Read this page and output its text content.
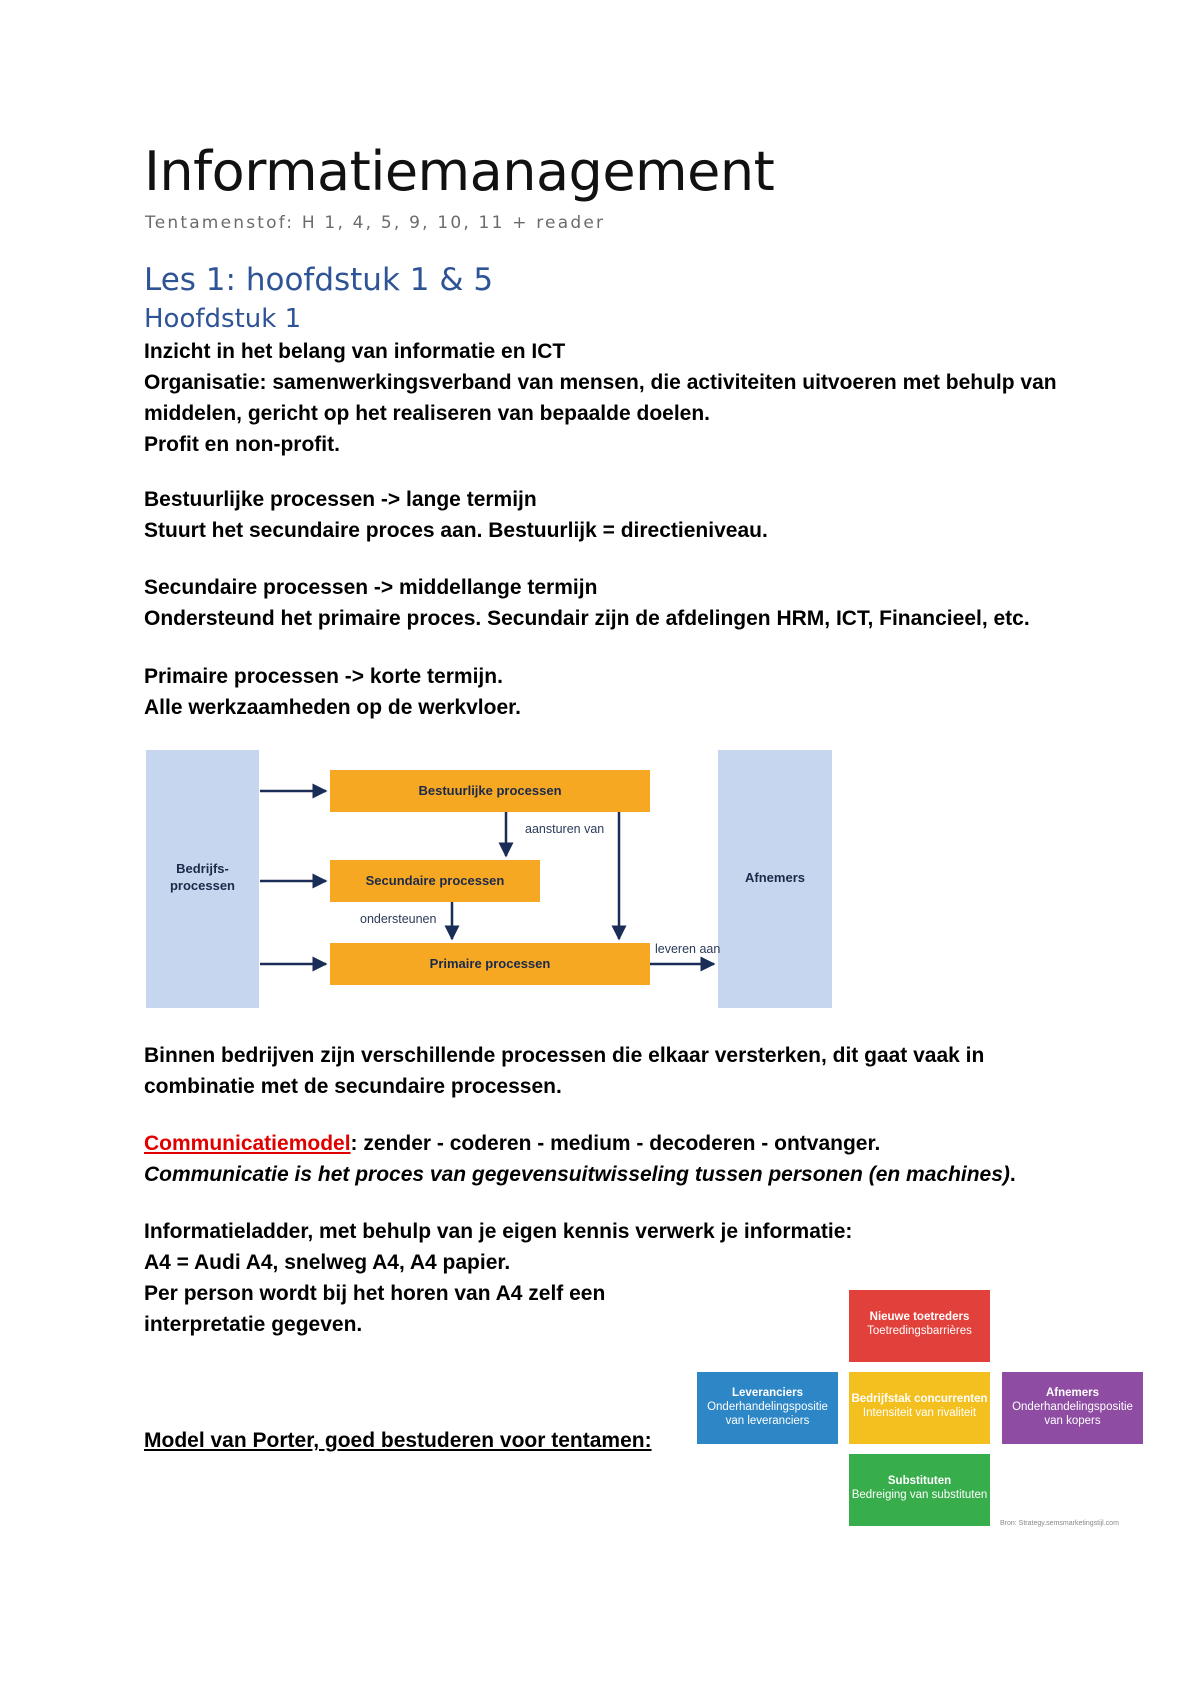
Informatiemanagement
Tentamenstof: H 1, 4, 5, 9, 10, 11 + reader
Les 1: hoofdstuk 1 & 5
Hoofdstuk 1
Inzicht in het belang van informatie en ICT
Organisatie: samenwerkingsverband van mensen, die activiteiten uitvoeren met behulp van
middelen, gericht op het realiseren van bepaalde doelen.
Profit en non-profit.
Bestuurlijke processen -> lange termijn
Stuurt het secundaire proces aan. Bestuurlijk = directieniveau.
Secundaire processen -> middellange termijn
Ondersteund het primaire proces. Secundair zijn de afdelingen HRM, ICT, Financieel, etc.
Primaire processen -> korte termijn.
Alle werkzaamheden op de werkvloer.
Bedrijfs-
processen
Afnemers
Bestuurlijke processen
Secundaire processen
Primaire processen
aansturen van
ondersteunen
leveren aan
Binnen bedrijven zijn verschillende processen die elkaar versterken, dit gaat vaak in
combinatie met de secundaire processen.
Communicatiemodel: zender - coderen - medium - decoderen - ontvanger.
Communicatie is het proces van gegevensuitwisseling tussen personen (en machines).
Informatieladder, met behulp van je eigen kennis verwerk je informatie:
A4 = Audi A4, snelweg A4, A4 papier.
Per person wordt bij het horen van A4 zelf een
interpretatie gegeven.
Model van Porter, goed bestuderen voor tentamen:
Nieuwe toetreders
Toetredingsbarrières
Leveranciers
Onderhandelingspositie
van leveranciers
Bedrijfstak concurrenten
Intensiteit van rivaliteit
Afnemers
Onderhandelingspositie
van kopers
Substituten
Bedreiging van substituten
Bron: Strategy.semsmarketingstijl.com
